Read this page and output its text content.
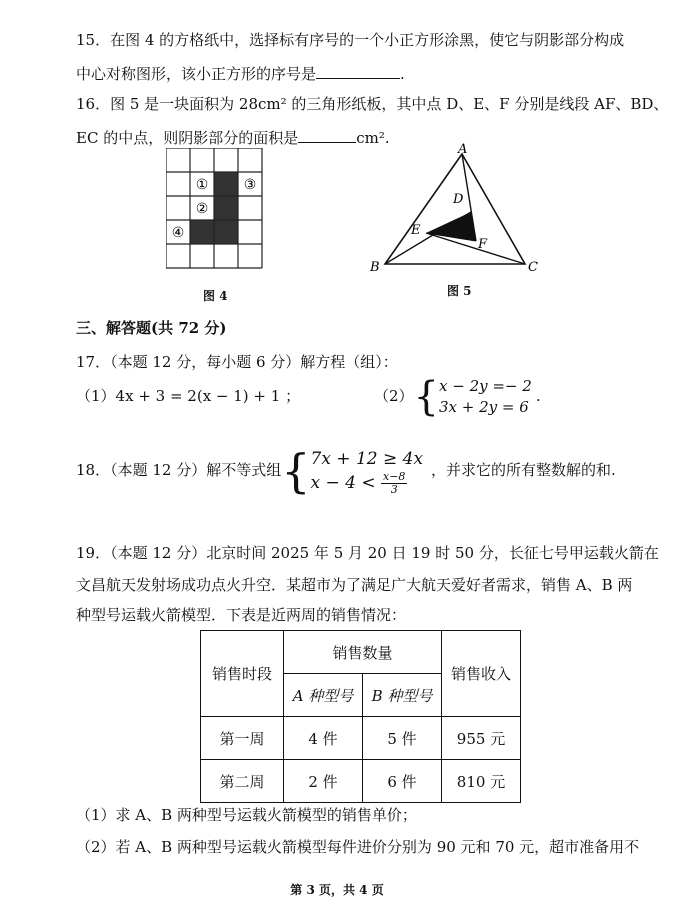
15．在图 4 的方格纸中，选择标有序号的一个小正方形涂黑，使它与阴影部分构成
中心对称图形，该小正方形的序号是	.
16．图 5 是一块面积为 28cm² 的三角形纸板，其中点 D、E、F 分别是线段 AF、BD、
EC 的中点，则阴影部分的面积是	cm².
①
②
③
④
图 4
A
B	C
D
E
F
图 5
三、解答题(共 72 分)
17．（本题 12 分，每小题 6 分）解方程（组）：
（1）4x + 3 = 2(x − 1) + 1 ；	（2）{ x − 2y =− 2
3x + 2y = 6
.
18．（本题 12 分）解不等式组{ 7x + 12 ≥ 4x
$x - 4 < \frac{x-8}{3}$
，并求它的所有整数解的和.
19．（本题 12 分）北京时间 2025 年 5 月 20 日 19 时 50 分，长征七号甲运载火箭在
文昌航天发射场成功点火升空．某超市为了满足广大航天爱好者需求，销售 A、B 两
种型号运载火箭模型．下表是近两周的销售情况：
销售时段	销售数量		销售收入
	A 种型号	B 种型号	
第一周	4 件	5 件	955 元
第二周	2 件	6 件	810 元
（1）求 A、B 两种型号运载火箭模型的销售单价；
（2）若 A、B 两种型号运载火箭模型每件进价分别为 90 元和 70 元，超市准备用不
第 3 页，共 4 页
